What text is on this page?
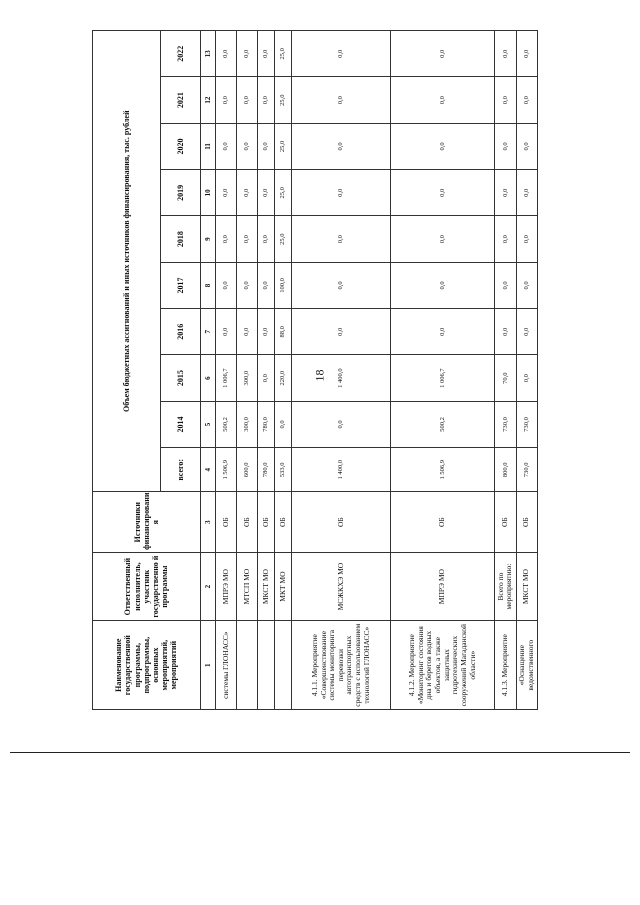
18
Наименование государственной программы, подпрограммы, основных мероприятий, мероприятий	Ответственный исполнитель, участник государственно й программы	Источники финансировани я	Объем бюджетных ассигнований и иных источников финансирования, тыс. рублей									
			всего:	2014	2015	2016	2017	2018	2019	2020	2021	2022
1	2	3	4	5	6	7	8	9	10	11	12	13
системы ГЛОНАСС»	МПРЭ МО	ОБ	1 506,9	500,2	1 006,7	0,0	0,0	0,0	0,0	0,0	0,0	0,0
	МТСП МО	ОБ	600,0	300,0	300,0	0,0	0,0	0,0	0,0	0,0	0,0	0,0
	МКСТ МО	ОБ	780,0	780,0	0,0	0,0	0,0	0,0	0,0	0,0	0,0	0,0
	МКТ МО	ОБ	533,0	0,0	220,0	88,0	100,0	25,0	25,0	25,0	25,0	25,0
4.1.1. Мероприятие «Совершенствование системы мониторинга перевозки автотранспортных средств с использованием технологий ГЛОНАСС»	МСЖКХЭ МО	ОБ	1 400,0	0,0	1 400,0	0,0	0,0	0,0	0,0	0,0	0,0	0,0
4.1.2. Мероприятие «Мониторинг состояния дна и берегов водных объектов, а также защитных гидротехнических сооружений Магаданской области»	МПРЭ МО	ОБ	1 506,9	500,2	1 006,7	0,0	0,0	0,0	0,0	0,0	0,0	0,0
4.1.3. Мероприятие	Всего по мероприятию:	ОБ	800,0	730,0	70,0	0,0	0,0	0,0	0,0	0,0	0,0	0,0
«Оснащение ведомственного	МКСТ МО	ОБ	730,0	730,0	0,0	0,0	0,0	0,0	0,0	0,0	0,0	0,0
